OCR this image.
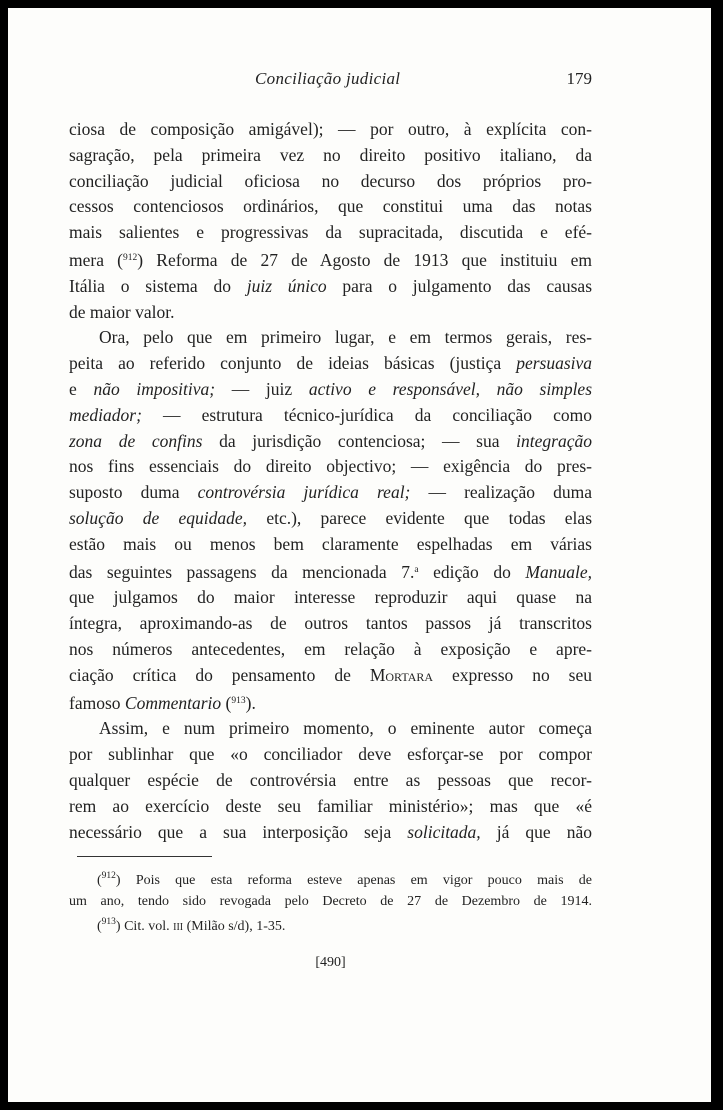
Conciliação judicial	179
ciosa de composição amigável); — por outro, à explícita con-
sagração, pela primeira vez no direito positivo italiano, da
conciliação judicial oficiosa no decurso dos próprios pro-
cessos contenciosos ordinários, que constitui uma das notas
mais salientes e progressivas da supracitada, discutida e efé-
mera ($^{912}$) Reforma de 27 de Agosto de 1913 que instituiu em
Itália o sistema do juiz único para o julgamento das causas
de maior valor.
Ora, pelo que em primeiro lugar, e em termos gerais, res-
peita ao referido conjunto de ideias básicas (justiça persuasiva
e não impositiva; — juiz activo e responsável, não simples
mediador; — estrutura técnico-jurídica da conciliação como
zona de confins da jurisdição contenciosa; — sua integração
nos fins essenciais do direito objectivo; — exigência do pres-
suposto duma controvérsia jurídica real; — realização duma
solução de equidade, etc.), parece evidente que todas elas
estão mais ou menos bem claramente espelhadas em várias
das seguintes passagens da mencionada 7.$^a$ edição do Manuale,
que julgamos do maior interesse reproduzir aqui quase na
íntegra, aproximando-as de outros tantos passos já transcritos
nos números antecedentes, em relação à exposição e apre-
ciação crítica do pensamento de Mortara expresso no seu
famoso Commentario ($^{913}$).
Assim, e num primeiro momento, o eminente autor começa
por sublinhar que «o conciliador deve esforçar-se por compor
qualquer espécie de controvérsia entre as pessoas que recor-
rem ao exercício deste seu familiar ministério»; mas que «é
necessário que a sua interposição seja solicitada, já que não
($^{912}$) Pois que esta reforma esteve apenas em vigor pouco mais de
um ano, tendo sido revogada pelo Decreto de 27 de Dezembro de 1914.
($^{913}$) Cit. vol. iii (Milão s/d), 1-35.
[490]
